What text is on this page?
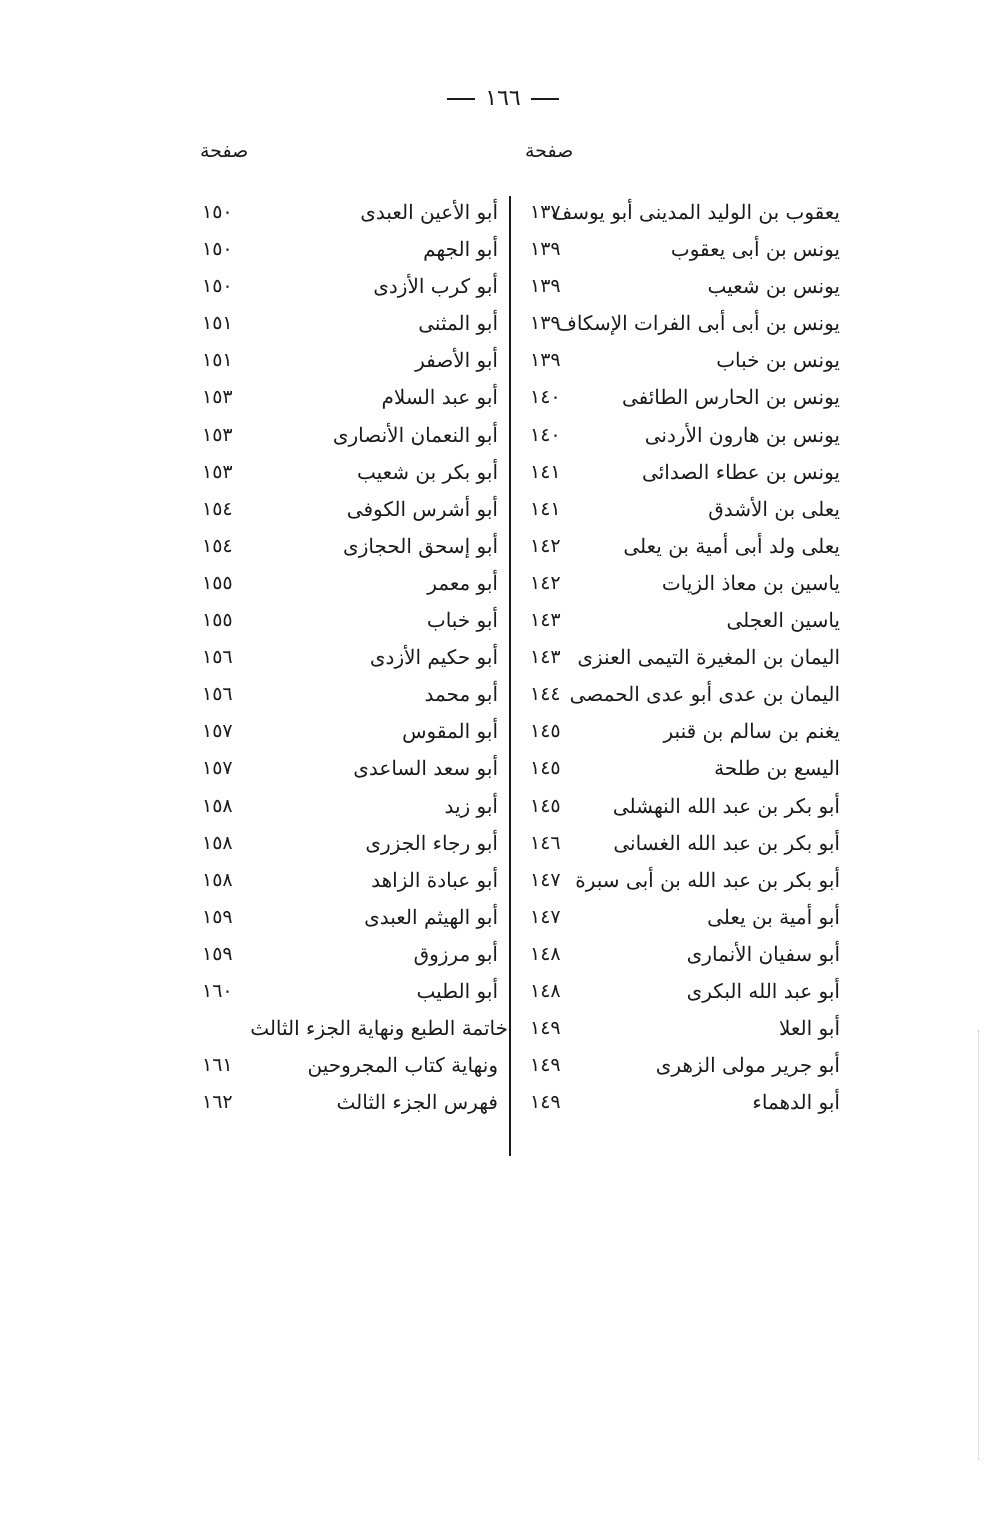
١٦٦
صفحة
صفحة
يعقوب بن الوليد المدينى أبو يوسف
١٣٧
يونس بن أبى يعقوب
١٣٩
يونس بن شعيب
١٣٩
يونس بن أبى أبى الفرات الإسكاف
١٣٩
يونس بن خباب
١٣٩
يونس بن الحارس الطائفى
١٤٠
يونس بن هارون الأردنى
١٤٠
يونس بن عطاء الصدائى
١٤١
يعلى بن الأشدق
١٤١
يعلى ولد أبى أمية بن يعلى
١٤٢
ياسين بن معاذ الزيات
١٤٢
ياسين العجلى
١٤٣
اليمان بن المغيرة التيمى العنزى
١٤٣
اليمان بن عدى أبو عدى الحمصى
١٤٤
يغنم بن سالم بن قنبر
١٤٥
اليسع بن طلحة
١٤٥
أبو بكر بن عبد الله النهشلى
١٤٥
أبو بكر بن عبد الله الغسانى
١٤٦
أبو بكر بن عبد الله بن أبى سبرة
١٤٧
أبو أمية بن يعلى
١٤٧
أبو سفيان الأنمارى
١٤٨
أبو عبد الله البكرى
١٤٨
أبو العلا
١٤٩
أبو جرير مولى الزهرى
١٤٩
أبو الدهماء
١٤٩
أبو الأعين العبدى
١٥٠
أبو الجهم
١٥٠
أبو كرب الأزدى
١٥٠
أبو المثنى
١٥١
أبو الأصفر
١٥١
أبو عبد السلام
١٥٣
أبو النعمان الأنصارى
١٥٣
أبو بكر بن شعيب
١٥٣
أبو أشرس الكوفى
١٥٤
أبو إسحق الحجازى
١٥٤
أبو معمر
١٥٥
أبو خباب
١٥٥
أبو حكيم الأزدى
١٥٦
أبو محمد
١٥٦
أبو المقوس
١٥٧
أبو سعد الساعدى
١٥٧
أبو زيد
١٥٨
أبو رجاء الجزرى
١٥٨
أبو عبادة الزاهد
١٥٨
أبو الهيثم العبدى
١٥٩
أبو مرزوق
١٥٩
أبو الطيب
١٦٠
خاتمة الطبع ونهاية الجزء الثالث
ونهاية كتاب المجروحين
١٦١
فهرس الجزء الثالث
١٦٢
